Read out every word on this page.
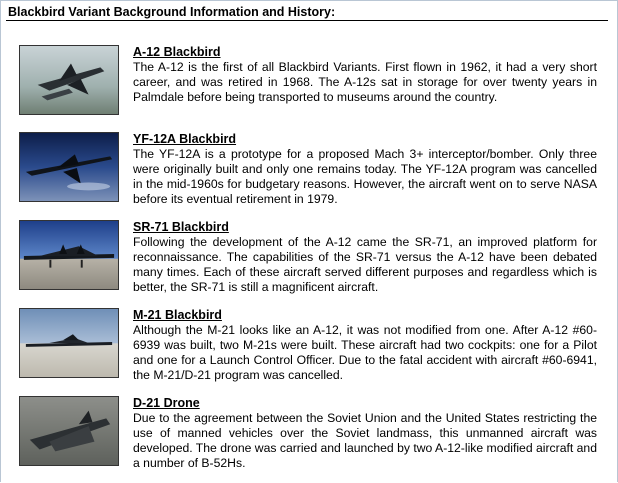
Blackbird Variant Background Information and History:
A-12 Blackbird
The A-12 is the first of all Blackbird Variants. First flown in 1962, it had a very short career, and was retired in 1968. The A-12s sat in storage for over twenty years in Palmdale before being transported to museums around the country.
YF-12A Blackbird
The YF-12A is a prototype for a proposed Mach 3+ interceptor/bomber. Only three were originally built and only one remains today. The YF-12A program was cancelled in the mid-1960s for budgetary reasons. However, the aircraft went on to serve NASA before its eventual retirement in 1979.
SR-71 Blackbird
Following the development of the A-12 came the SR-71, an improved platform for reconnaissance. The capabilities of the SR-71 versus the A-12 have been debated many times. Each of these aircraft served different purposes and regardless which is better, the SR-71 is still a magnificent aircraft.
M-21 Blackbird
Although the M-21 looks like an A-12, it was not modified from one. After A-12 #60-6939 was built, two M-21s were built. These aircraft had two cockpits: one for a Pilot and one for a Launch Control Officer. Due to the fatal accident with aircraft #60-6941, the M-21/D-21 program was cancelled.
D-21 Drone
Due to the agreement between the Soviet Union and the United States restricting the use of manned vehicles over the Soviet landmass, this unmanned aircraft was developed. The drone was carried and launched by two A-12-like modified aircraft and a number of B-52Hs.
